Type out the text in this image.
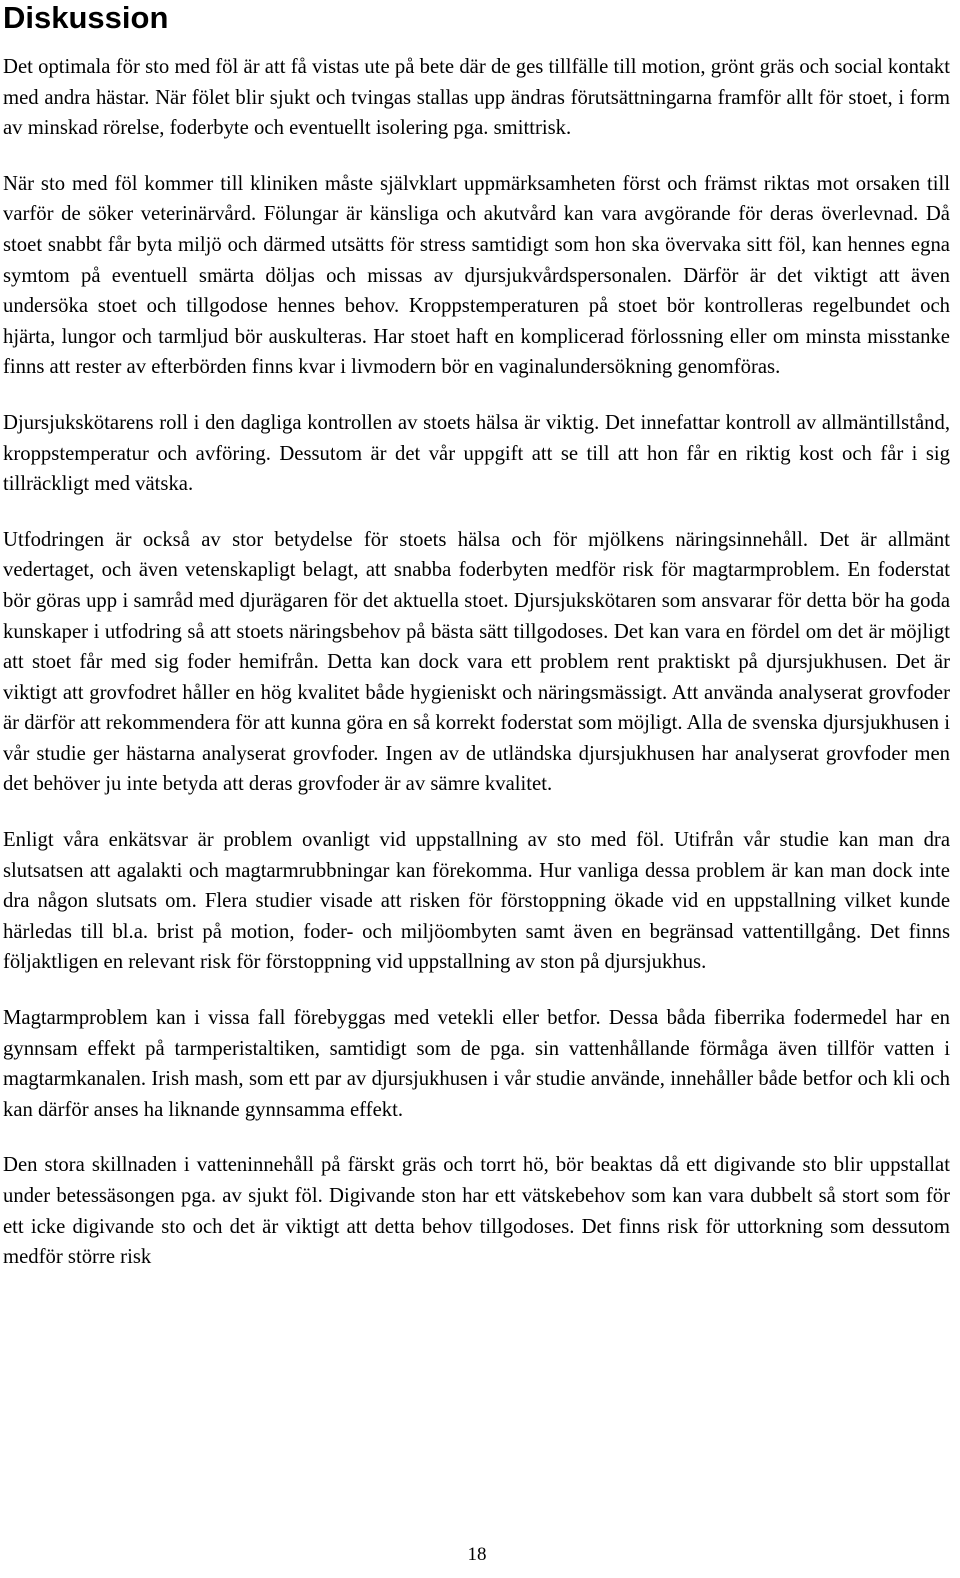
Diskussion

Det optimala för sto med föl är att få vistas ute på bete där de ges tillfälle till motion, grönt gräs och social kontakt med andra hästar. När fölet blir sjukt och tvingas stallas upp ändras förutsättningarna framför allt för stoet, i form av minskad rörelse, foderbyte och eventuellt isolering pga. smittrisk.

När sto med föl kommer till kliniken måste självklart uppmärksamheten först och främst riktas mot orsaken till varför de söker veterinärvård. Fölungar är känsliga och akutvård kan vara avgörande för deras överlevnad. Då stoet snabbt får byta miljö och därmed utsätts för stress samtidigt som hon ska övervaka sitt föl, kan hennes egna symtom på eventuell smärta döljas och missas av djursjukvårdspersonalen. Därför är det viktigt att även undersöka stoet och tillgodose hennes behov. Kroppstemperaturen på stoet bör kontrolleras regelbundet och hjärta, lungor och tarmljud bör auskulteras. Har stoet haft en komplicerad förlossning eller om minsta misstanke finns att rester av efterbörden finns kvar i livmodern bör en vaginalundersökning genomföras.

Djursjukskötarens roll i den dagliga kontrollen av stoets hälsa är viktig. Det innefattar kontroll av allmäntillstånd, kroppstemperatur och avföring. Dessutom är det vår uppgift att se till att hon får en riktig kost och får i sig tillräckligt med vätska.

Utfodringen är också av stor betydelse för stoets hälsa och för mjölkens näringsinnehåll. Det är allmänt vedertaget, och även vetenskapligt belagt, att snabba foderbyten medför risk för magtarmproblem. En foderstat bör göras upp i samråd med djurägaren för det aktuella stoet. Djursjukskötaren som ansvarar för detta bör ha goda kunskaper i utfodring så att stoets näringsbehov på bästa sätt tillgodoses. Det kan vara en fördel om det är möjligt att stoet får med sig foder hemifrån. Detta kan dock vara ett problem rent praktiskt på djursjukhusen. Det är viktigt att grovfodret håller en hög kvalitet både hygieniskt och näringsmässigt. Att använda analyserat grovfoder är därför att rekommendera för att kunna göra en så korrekt foderstat som möjligt. Alla de svenska djursjukhusen i vår studie ger hästarna analyserat grovfoder. Ingen av de utländska djursjukhusen har analyserat grovfoder men det behöver ju inte betyda att deras grovfoder är av sämre kvalitet.

Enligt våra enkätsvar är problem ovanligt vid uppstallning av sto med föl. Utifrån vår studie kan man dra slutsatsen att agalakti och magtarmrubbningar kan förekomma. Hur vanliga dessa problem är kan man dock inte dra någon slutsats om. Flera studier visade att risken för förstoppning ökade vid en uppstallning vilket kunde härledas till bl.a. brist på motion, foder- och miljöombyten samt även en begränsad vattentillgång. Det finns följaktligen en relevant risk för förstoppning vid uppstallning av ston på djursjukhus.

Magtarmproblem kan i vissa fall förebyggas med vetekli eller betfor. Dessa båda fiberrika fodermedel har en gynnsam effekt på tarmperistaltiken, samtidigt som de pga. sin vattenhållande förmåga även tillför vatten i magtarmkanalen. Irish mash, som ett par av djursjukhusen i vår studie använde, innehåller både betfor och kli och kan därför anses ha liknande gynnsamma effekt.

Den stora skillnaden i vatteninnehåll på färskt gräs och torrt hö, bör beaktas då ett digivande sto blir uppstallat under betessäsongen pga. av sjukt föl. Digivande ston har ett vätskebehov som kan vara dubbelt så stort som för ett icke digivande sto och det är viktigt att detta behov tillgodoses. Det finns risk för uttorkning som dessutom medför större risk

18
